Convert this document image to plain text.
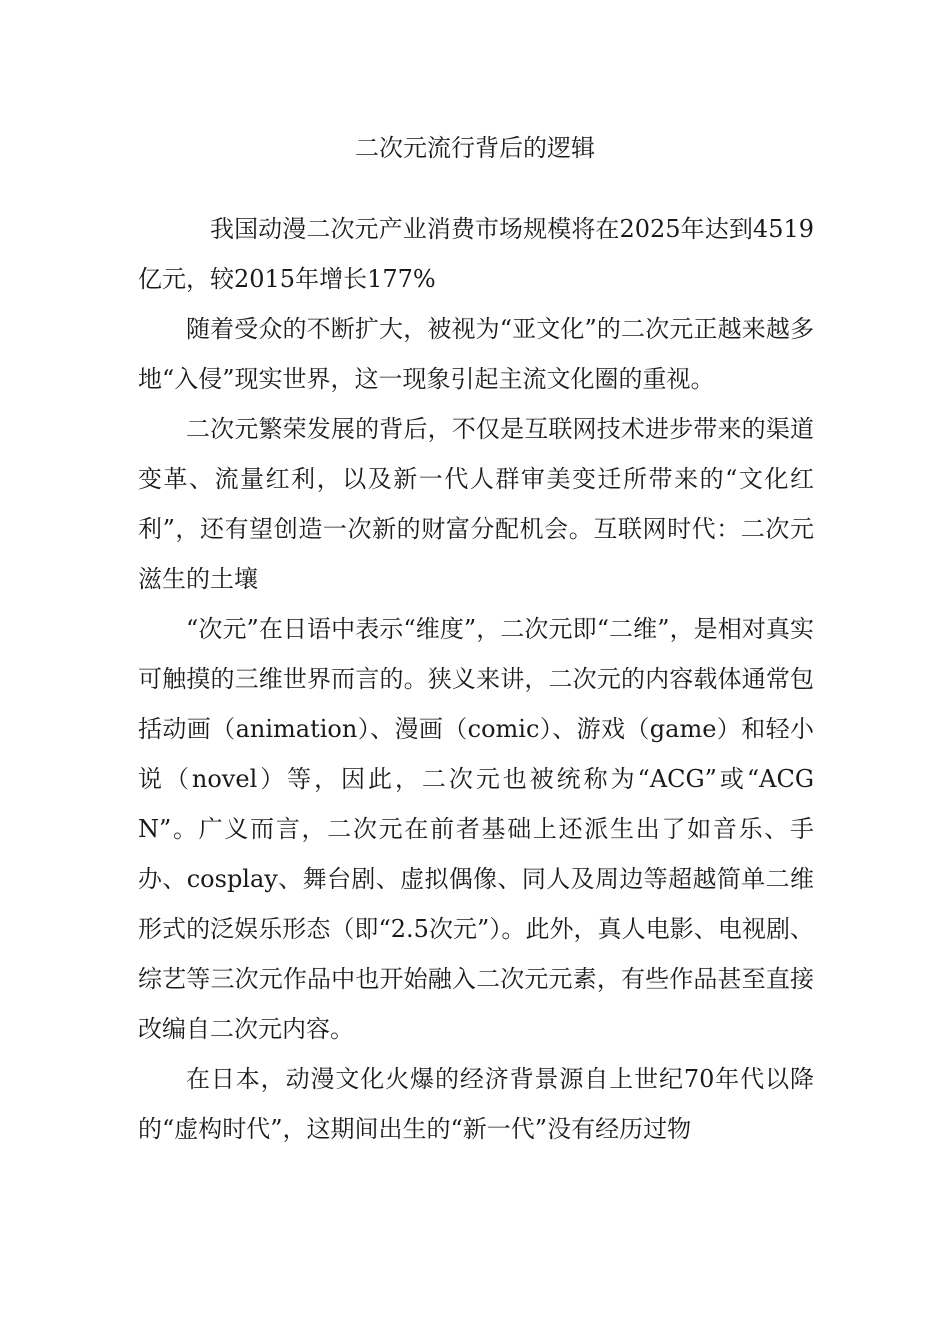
二次元流行背后的逻辑

我国动漫二次元产业消费市场规模将在2025年达到4519亿元，较2015年增长177%

随着受众的不断扩大，被视为“亚文化”的二次元正越来越多地“入侵”现实世界，这一现象引起主流文化圈的重视。

二次元繁荣发展的背后，不仅是互联网技术进步带来的渠道变革、流量红利，以及新一代人群审美变迁所带来的“文化红利”，还有望创造一次新的财富分配机会。互联网时代：二次元滋生的土壤

“次元”在日语中表示“维度”，二次元即“二维”，是相对真实可触摸的三维世界而言的。狭义来讲，二次元的内容载体通常包括动画（animation）、漫画（comic）、游戏（game）和轻小说（novel）等，因此，二次元也被统称为“ACG”或“ACGN”。广义而言，二次元在前者基础上还派生出了如音乐、手办、cosplay、舞台剧、虚拟偶像、同人及周边等超越简单二维形式的泛娱乐形态（即“2.5次元”）。此外，真人电影、电视剧、综艺等三次元作品中也开始融入二次元元素，有些作品甚至直接改编自二次元内容。

在日本，动漫文化火爆的经济背景源自上世纪70年代以降的“虚构时代”，这期间出生的“新一代”没有经历过物
